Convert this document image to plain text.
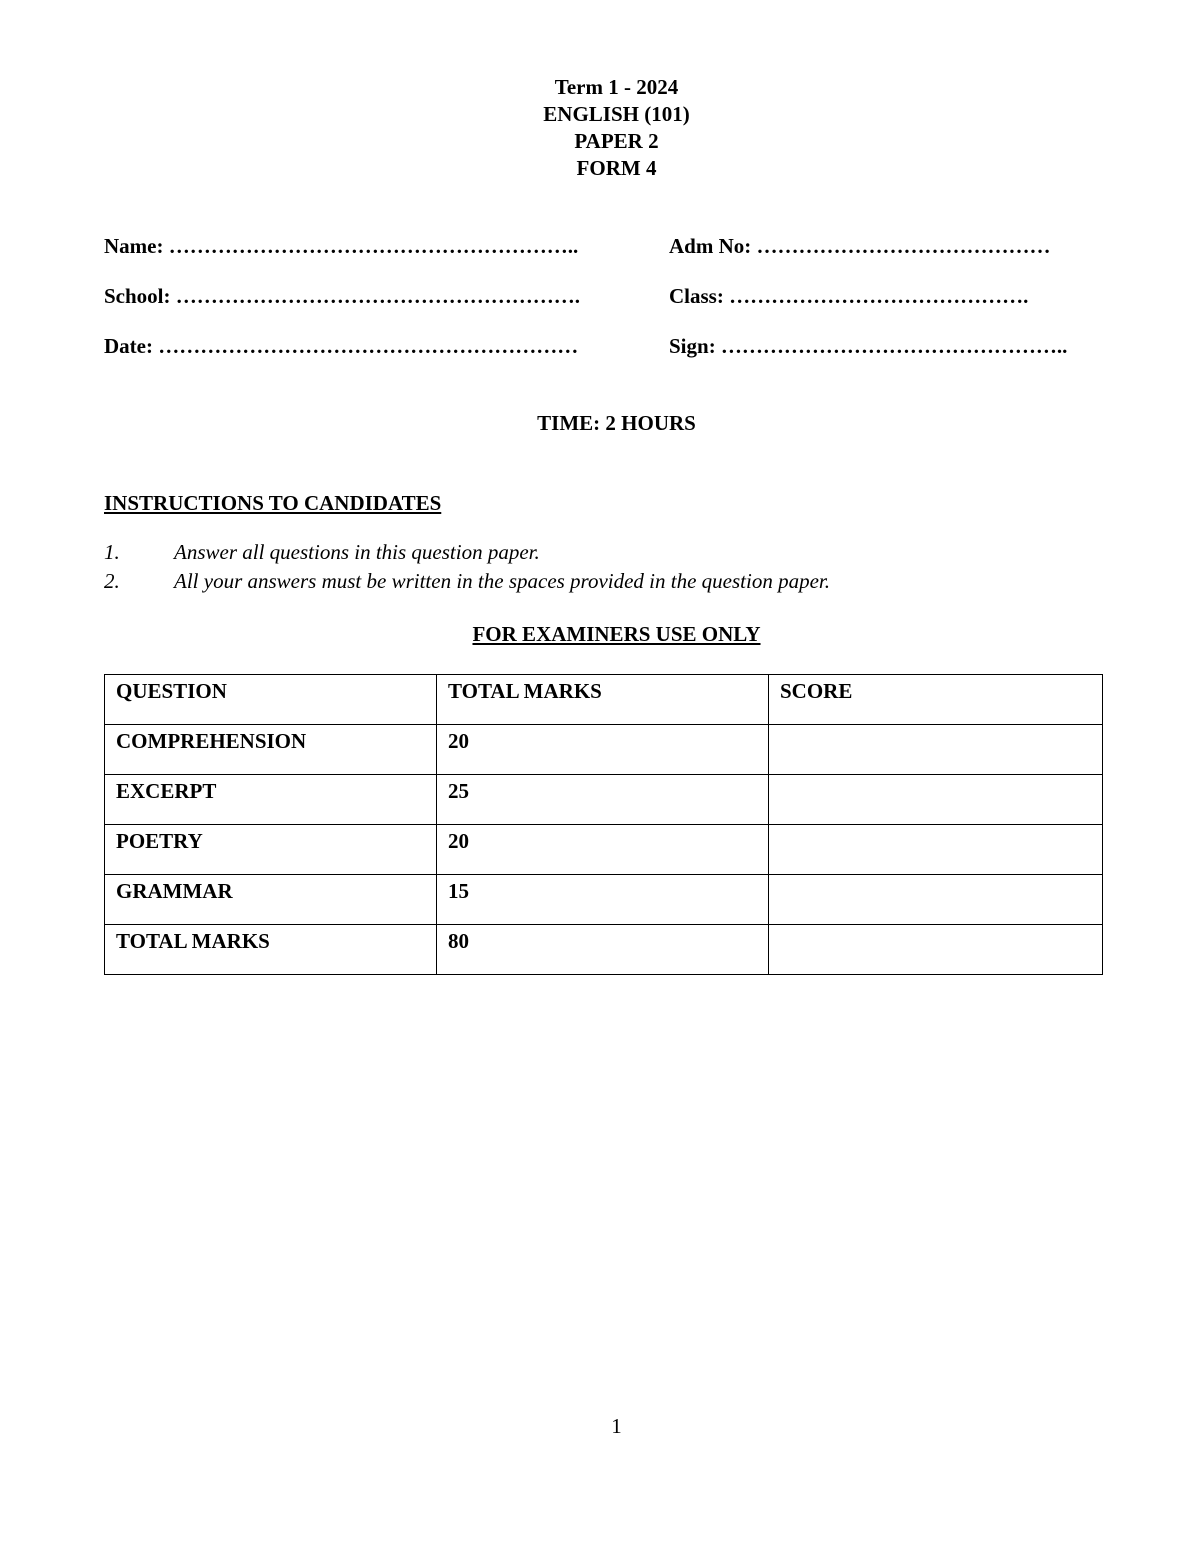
Term 1 - 2024
ENGLISH (101)
PAPER 2
FORM 4
Name: …………………………………………………..	Adm No: ……………………………………
School: ………………………………………………….	Class: …………………………………….
Date: ……………………………………………………	Sign: …………………………………………..
TIME: 2 HOURS
INSTRUCTIONS TO CANDIDATES
1.	Answer all questions in this question paper.
2.	All your answers must be written in the spaces provided in the question paper.
FOR EXAMINERS USE ONLY
QUESTION	TOTAL MARKS	SCORE
COMPREHENSION	20	
EXCERPT	25	
POETRY	20	
GRAMMAR	15	
TOTAL MARKS	80	
1
